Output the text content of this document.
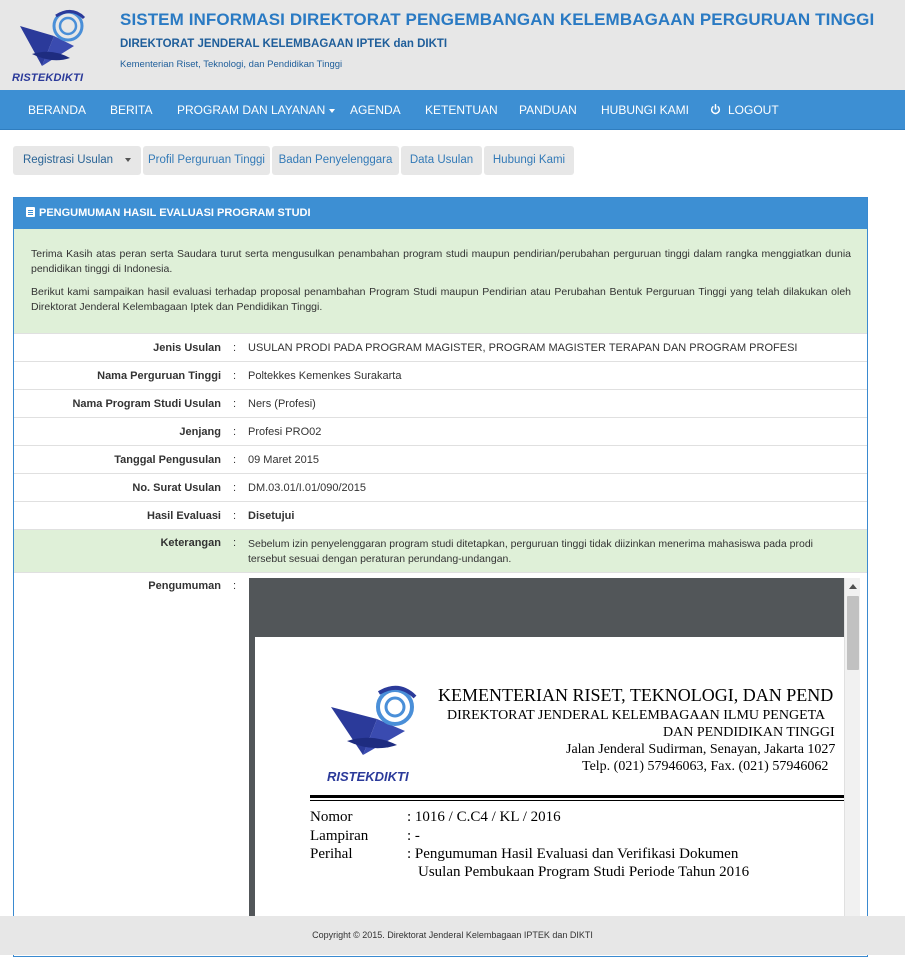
RISTEKDIKTI
SISTEM INFORMASI DIREKTORAT PENGEMBANGAN KELEMBAGAAN PERGURUAN TINGGI
DIREKTORAT JENDERAL KELEMBAGAAN IPTEK dan DIKTI
Kementerian Riset, Teknologi, dan Pendidikan Tinggi
BERANDA BERITA PROGRAM DAN LAYANAN	AGENDA KETENTUAN PANDUAN HUBUNGI KAMI	LOGOUT
Registrasi Usulan	Profil Perguruan Tinggi	Badan Penyelenggara	Data Usulan	Hubungi Kami
PENGUMUMAN HASIL EVALUASI PROGRAM STUDI

Terima Kasih atas peran serta Saudara turut serta mengusulkan penambahan program studi maupun pendirian/perubahan perguruan tinggi dalam rangka menggiatkan dunia pendidikan tinggi di Indonesia.

Berikut kami sampaikan hasil evaluasi terhadap proposal penambahan Program Studi maupun Pendirian atau Perubahan Bentuk Perguruan Tinggi yang telah dilakukan oleh Direktorat Jenderal Kelembagaan Iptek dan Pendidikan Tinggi.

Jenis Usulan : USULAN PRODI PADA PROGRAM MAGISTER, PROGRAM MAGISTER TERAPAN DAN PROGRAM PROFESI
Nama Perguruan Tinggi : Poltekkes Kemenkes Surakarta
Nama Program Studi Usulan : Ners (Profesi)
Jenjang : Profesi PRO02
Tanggal Pengusulan : 09 Maret 2015
No. Surat Usulan : DM.03.01/I.01/090/2015
Hasil Evaluasi : Disetujui
Keterangan : Sebelum izin penyelenggaran program studi ditetapkan, perguruan tinggi tidak diizinkan menerima mahasiswa pada prodi tersebut sesuai dengan peraturan perundang-undangan.
Pengumuman :
RISTEKDIKTI
KEMENTERIAN RISET, TEKNOLOGI, DAN PEND
DIREKTORAT JENDERAL KELEMBAGAAN ILMU PENGETA
DAN PENDIDIKAN TINGGI
Jalan Jenderal Sudirman, Senayan, Jakarta 1027
Telp. (021) 57946063, Fax. (021) 57946062
Nomor	: 1016 / C.C4 / KL / 2016
Lampiran	: -
Perihal	: Pengumuman Hasil Evaluasi dan Verifikasi Dokumen
Usulan Pembukaan Program Studi Periode Tahun 2016
Copyright © 2015. Direktorat Jenderal Kelembagaan IPTEK dan DIKTI
